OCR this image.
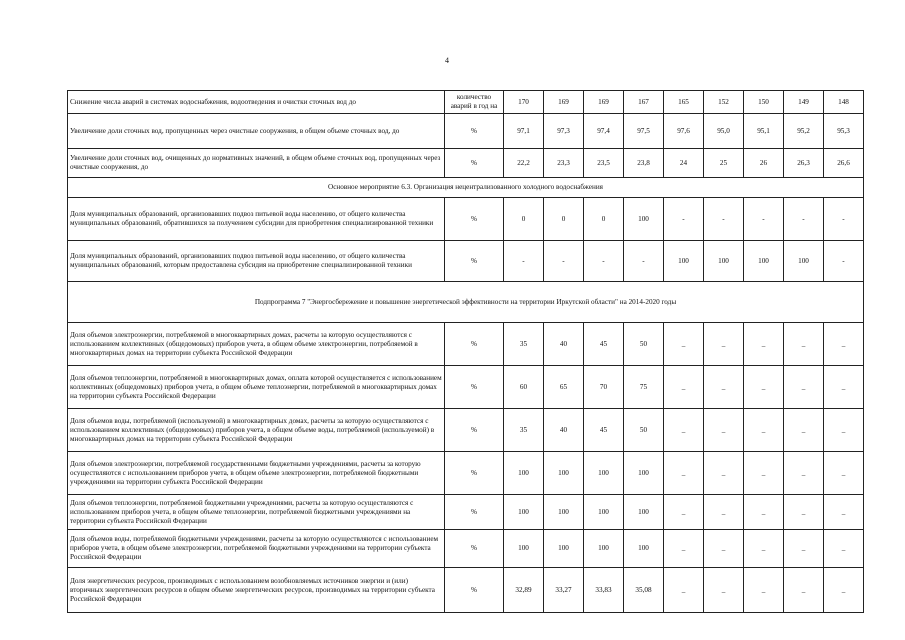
4
Снижение числа аварий в системах водоснабжения, водоотведения и очистки сточных вод до	количество аварий в год на	170	169	169	167	165	152	150	149	148
Увеличение доли сточных вод, пропущенных через очистные сооружения, в общем объеме сточных вод, до	%	97,1	97,3	97,4	97,5	97,6	95,0	95,1	95,2	95,3
Увеличение доли сточных вод, очищенных до нормативных значений, в общем объеме сточных вод, пропущенных через очистные сооружения, до	%	22,2	23,3	23,5	23,8	24	25	26	26,3	26,6
Основное мероприятие 6.3. Организация нецентрализованного холодного водоснабжения										
Доля муниципальных образований, организовавших подвоз питьевой воды населению, от общего количества муниципальных образований, обратившихся за получением субсидии для приобретения специализированной техники	%	0	0	0	100	-	-	-	-	-
Доля муниципальных образований, организовавших подвоз питьевой воды населению, от общего количества муниципальных образований, которым предоставлена субсидия на приобретение специализированной техники	%	-	-	-	-	100	100	100	100	-
Подпрограмма 7 "Энергосбережение и повышение энергетической эффективности на территории Иркутской области" на 2014-2020 годы										
Доля объемов электроэнергии, потребляемой в многоквартирных домах, расчеты за которую осуществляются с использованием коллективных (общедомовых) приборов учета, в общем объеме электроэнергии, потребляемой в многоквартирных домах на территории субъекта Российской Федерации	%	35	40	45	50	_	_	_	_	_
Доля объемов теплоэнергии, потребляемой в многоквартирных домах, оплата которой осуществляется с использованием коллективных (общедомовых) приборов учета, в общем объеме теплоэнергии, потребляемой в многоквартирных домах на территории субъекта Российской Федерации	%	60	65	70	75	_	_	_	_	_
Доля объемов воды, потребляемой (используемой) в многоквартирных домах, расчеты за которую осуществляются с использованием коллективных (общедомовых) приборов учета, в общем объеме воды, потребляемой (используемой) в многоквартирных домах на территории субъекта Российской Федерации	%	35	40	45	50	_	_	_	_	_
Доля объемов электроэнергии, потребляемой государственными бюджетными учреждениями, расчеты за которую осуществляются с использованием приборов учета, в общем объеме электроэнергии, потребляемой бюджетными учреждениями на территории субъекта Российской Федерации	%	100	100	100	100	_	_	_	_	_
Доля объемов теплоэнергии, потребляемой бюджетными учреждениями, расчеты за которую осуществляются с использованием приборов учета, в общем объеме теплоэнергии, потребляемой бюджетными учреждениями на территории субъекта Российской Федерации	%	100	100	100	100	_	_	_	_	_
Доля объемов воды, потребляемой бюджетными учреждениями, расчеты за которую осуществляются с использованием приборов учета, в общем объеме электроэнергии, потребляемой бюджетными учреждениями на территории субъекта Российской Федерации	%	100	100	100	100	_	_	_	_	_
Доля энергетических ресурсов, производимых с использованием возобновляемых источников энергии и (или) вторичных энергетических ресурсов в общем объеме энергетических ресурсов, производимых на территории субъекта Российской Федерации	%	32,89	33,27	33,83	35,08	_	_	_	_	_
